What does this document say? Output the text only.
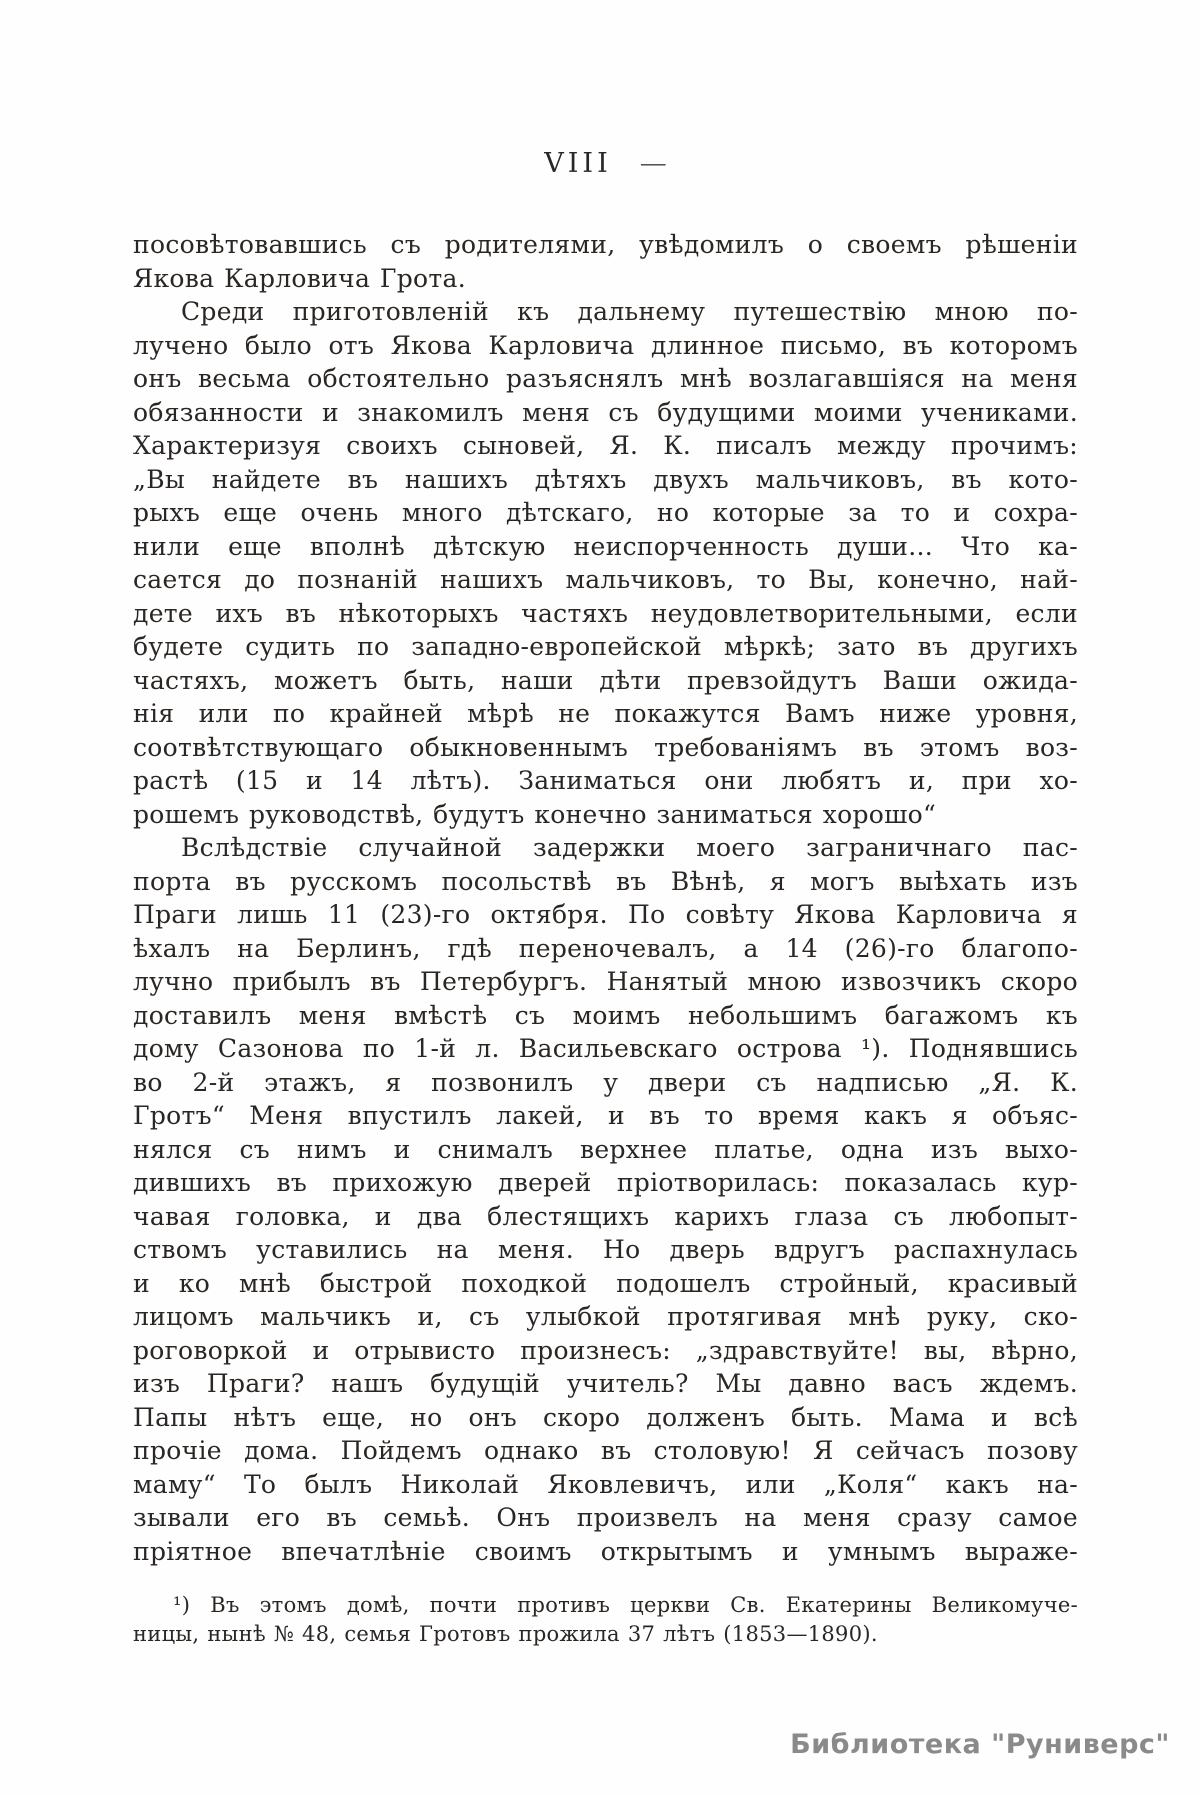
VIII —
посовѣтовавшись съ родителями, увѣдомилъ о своемъ рѣшеніи
Якова Карловича Грота.
Среди приготовленій къ дальнему путешествію мною по-
лучено было отъ Якова Карловича длинное письмо, въ которомъ
онъ весьма обстоятельно разъяснялъ мнѣ возлагавшіяся на меня
обязанности и знакомилъ меня съ будущими моими учениками.
Характеризуя своихъ сыновей, Я. К. писалъ между прочимъ:
„Вы найдете въ нашихъ дѣтяхъ двухъ мальчиковъ, въ кото-
рыхъ еще очень много дѣтскаго, но которые за то и сохра-
нили еще вполнѣ дѣтскую неиспорченность души... Что ка-
сается до познаній нашихъ мальчиковъ, то Вы, конечно, най-
дете ихъ въ нѣкоторыхъ частяхъ неудовлетворительными, если
будете судить по западно-европейской мѣркѣ; зато въ другихъ
частяхъ, можетъ быть, наши дѣти превзойдутъ Ваши ожида-
нія или по крайней мѣрѣ не покажутся Вамъ ниже уровня,
соотвѣтствующаго обыкновеннымъ требованіямъ въ этомъ воз-
растѣ (15 и 14 лѣтъ). Заниматься они любятъ и, при хо-
рошемъ руководствѣ, будутъ конечно заниматься хорошо“
Вслѣдствіе случайной задержки моего заграничнаго пас-
порта въ русскомъ посольствѣ въ Вѣнѣ, я могъ выѣхать изъ
Праги лишь 11 (23)-го октября. По совѣту Якова Карловича я
ѣхалъ на Берлинъ, гдѣ переночевалъ, а 14 (26)-го благопо-
лучно прибылъ въ Петербургъ. Нанятый мною извозчикъ скоро
доставилъ меня вмѣстѣ съ моимъ небольшимъ багажомъ къ
дому Сазонова по 1-й л. Васильевскаго острова ¹). Поднявшись
во 2-й этажъ, я позвонилъ у двери съ надписью „Я. К.
Гротъ“ Меня впустилъ лакей, и въ то время какъ я объяс-
нялся съ нимъ и снималъ верхнее платье, одна изъ выхо-
дившихъ въ прихожую дверей пріотворилась: показалась кур-
чавая головка, и два блестящихъ карихъ глаза съ любопыт-
ствомъ уставились на меня. Но дверь вдругъ распахнулась
и ко мнѣ быстрой походкой подошелъ стройный, красивый
лицомъ мальчикъ и, съ улыбкой протягивая мнѣ руку, ско-
роговоркой и отрывисто произнесъ: „здравствуйте! вы, вѣрно,
изъ Праги? нашъ будущій учитель? Мы давно васъ ждемъ.
Папы нѣтъ еще, но онъ скоро долженъ быть. Мама и всѣ
прочіе дома. Пойдемъ однако въ столовую! Я сейчасъ позову
маму“ То былъ Николай Яковлевичъ, или „Коля“ какъ на-
зывали его въ семьѣ. Онъ произвелъ на меня сразу самое
пріятное впечатлѣніе своимъ открытымъ и умнымъ выраже-
¹) Въ этомъ домѣ, почти противъ церкви Св. Екатерины Великомуче-
ницы, нынѣ № 48, семья Гротовъ прожила 37 лѣтъ (1853—1890).
Библиотека "Руниверс"
